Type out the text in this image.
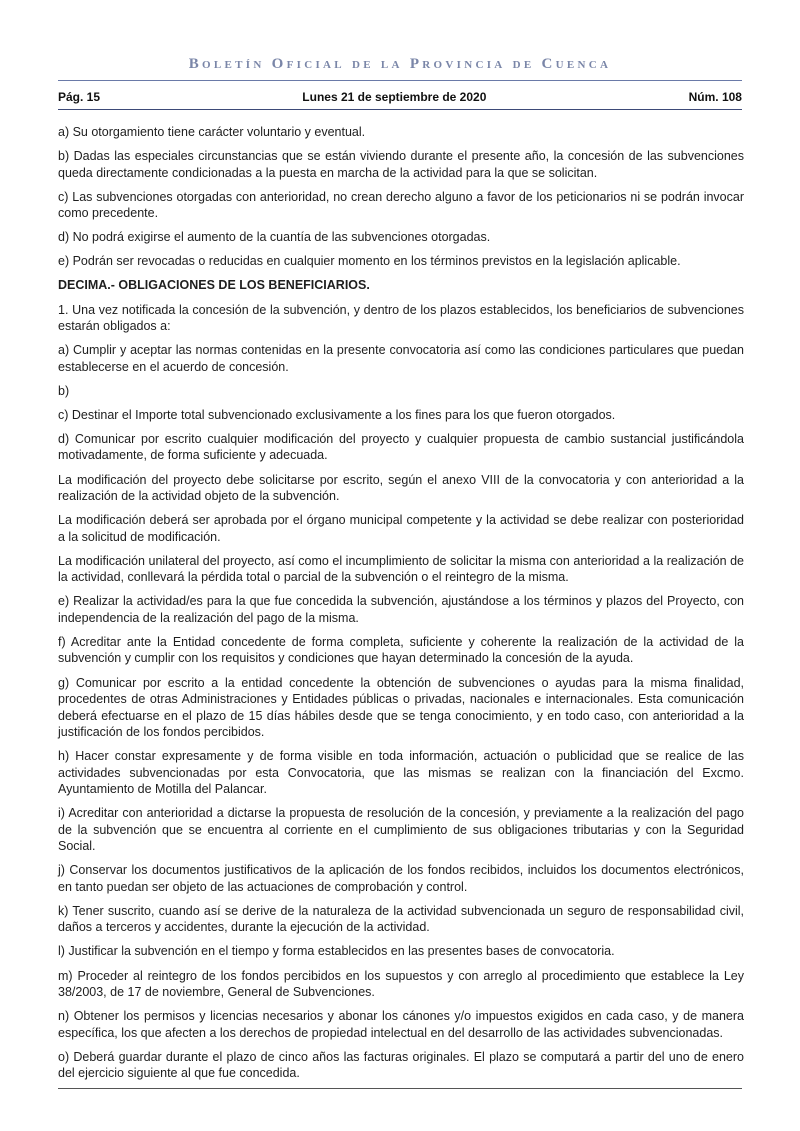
Boletín Oficial de la Provincia de Cuenca
Pág. 15	Lunes 21 de septiembre de 2020	Núm. 108

a) Su otorgamiento tiene carácter voluntario y eventual.

b) Dadas las especiales circunstancias que se están viviendo durante el presente año, la concesión de las subvenciones queda directamente condicionadas a la puesta en marcha de la actividad para la que se solicitan.

c) Las subvenciones otorgadas con anterioridad, no crean derecho alguno a favor de los peticionarios ni se podrán invocar como precedente.

d) No podrá exigirse el aumento de la cuantía de las subvenciones otorgadas.

e) Podrán ser revocadas o reducidas en cualquier momento en los términos previstos en la legislación aplicable.

DECIMA.- OBLIGACIONES DE LOS BENEFICIARIOS.

1. Una vez notificada la concesión de la subvención, y dentro de los plazos establecidos, los beneficiarios de subvenciones estarán obligados a:

a) Cumplir y aceptar las normas contenidas en la presente convocatoria así como las condiciones particulares que puedan establecerse en el acuerdo de concesión.

b)

c) Destinar el Importe total subvencionado exclusivamente a los fines para los que fueron otorgados.

d) Comunicar por escrito cualquier modificación del proyecto y cualquier propuesta de cambio sustancial justificándola motivadamente, de forma suficiente y adecuada.

La modificación del proyecto debe solicitarse por escrito, según el anexo VIII de la convocatoria y con anterioridad a la realización de la actividad objeto de la subvención.

La modificación deberá ser aprobada por el órgano municipal competente y la actividad se debe realizar con posterioridad a la solicitud de modificación.

La modificación unilateral del proyecto, así como el incumplimiento de solicitar la misma con anterioridad a la realización de la actividad, conllevará la pérdida total o parcial de la subvención o el reintegro de la misma.

e) Realizar la actividad/es para la que fue concedida la subvención, ajustándose a los términos y plazos del Proyecto, con independencia de la realización del pago de la misma.

f) Acreditar ante la Entidad concedente de forma completa, suficiente y coherente la realización de la actividad de la subvención y cumplir con los requisitos y condiciones que hayan determinado la concesión de la ayuda.

g) Comunicar por escrito a la entidad concedente la obtención de subvenciones o ayudas para la misma finalidad, procedentes de otras Administraciones y Entidades públicas o privadas, nacionales e internacionales. Esta comunicación deberá efectuarse en el plazo de 15 días hábiles desde que se tenga conocimiento, y en todo caso, con anterioridad a la justificación de los fondos percibidos.

h) Hacer constar expresamente y de forma visible en toda información, actuación o publicidad que se realice de las actividades subvencionadas por esta Convocatoria, que las mismas se realizan con la financiación del Excmo. Ayuntamiento de Motilla del Palancar.

i) Acreditar con anterioridad a dictarse la propuesta de resolución de la concesión, y previamente a la realización del pago de la subvención que se encuentra al corriente en el cumplimiento de sus obligaciones tributarias y con la Seguridad Social.

j) Conservar los documentos justificativos de la aplicación de los fondos recibidos, incluidos los documentos electrónicos, en tanto puedan ser objeto de las actuaciones de comprobación y control.

k) Tener suscrito, cuando así se derive de la naturaleza de la actividad subvencionada un seguro de responsabilidad civil, daños a terceros y accidentes, durante la ejecución de la actividad.

l) Justificar la subvención en el tiempo y forma establecidos en las presentes bases de convocatoria.

m) Proceder al reintegro de los fondos percibidos en los supuestos y con arreglo al procedimiento que establece la Ley 38/2003, de 17 de noviembre, General de Subvenciones.

n) Obtener los permisos y licencias necesarios y abonar los cánones y/o impuestos exigidos en cada caso, y de manera específica, los que afecten a los derechos de propiedad intelectual en del desarrollo de las actividades subvencionadas.

o) Deberá guardar durante el plazo de cinco años las facturas originales. El plazo se computará a partir del uno de enero del ejercicio siguiente al que fue concedida.
